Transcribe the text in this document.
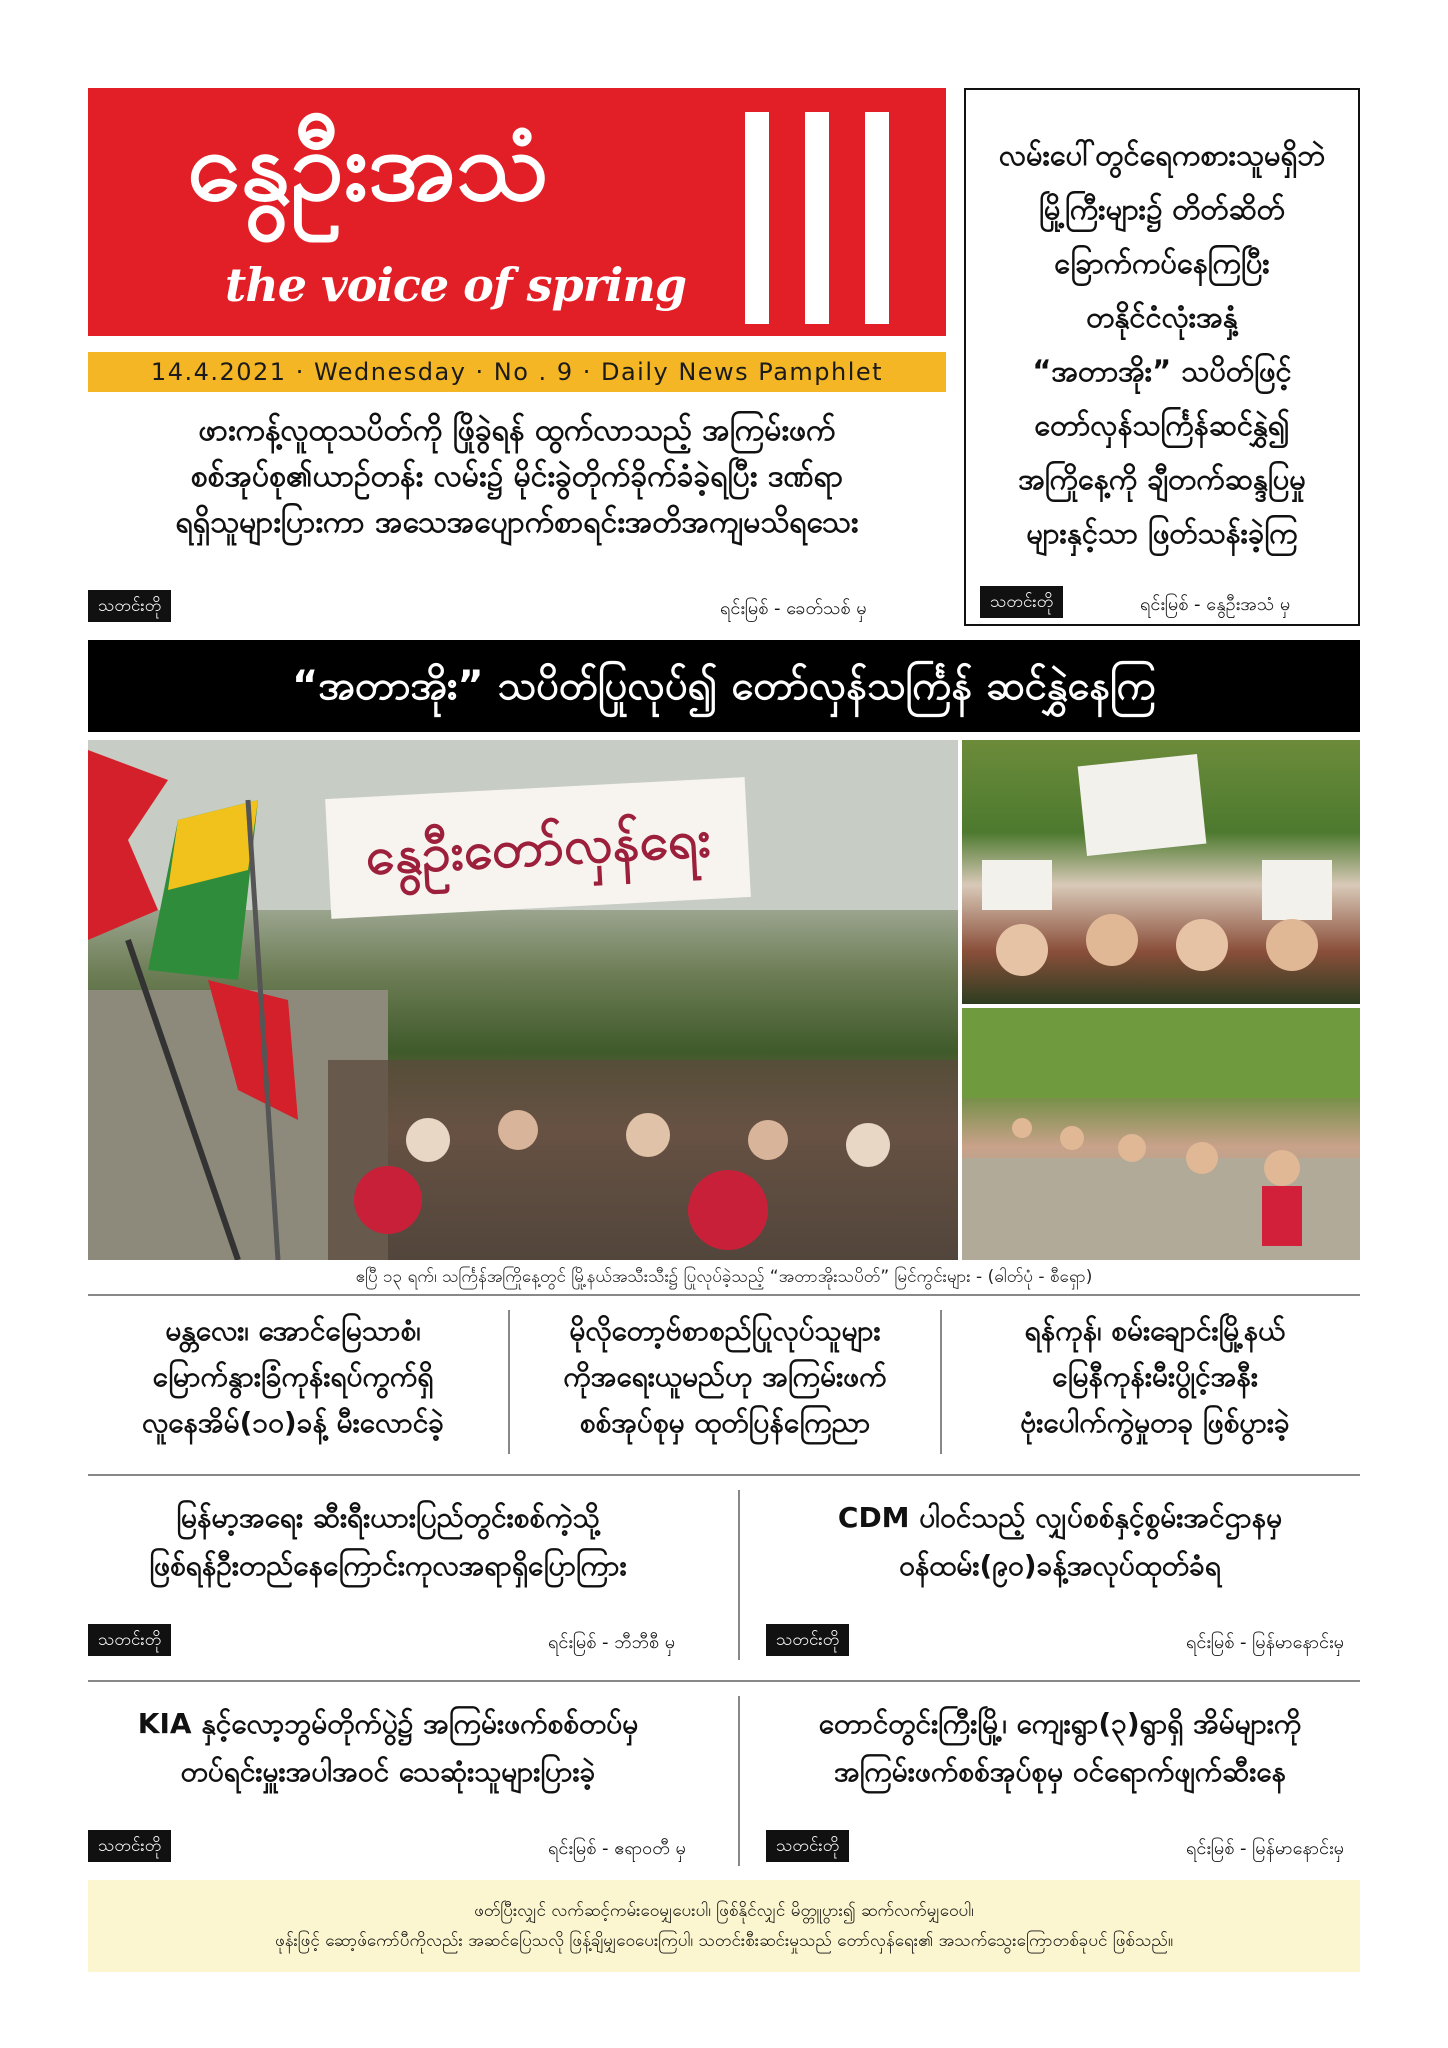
နွေဦးအသံ
the voice of spring
14.4.2021 · Wednesday · No . 9 · Daily News Pamphlet
ဖားကန့်လူထုသပိတ်ကို ဖြိုခွဲရန် ထွက်လာသည့် အကြမ်းဖက်
စစ်အုပ်စု၏ယာဉ်တန်း လမ်း၌ မိုင်းခွဲတိုက်ခိုက်ခံခဲ့ရပြီး ဒဏ်ရာ
ရရှိသူများပြားကာ အသေအပျောက်စာရင်းအတိအကျမသိရသေး
သတင်းတို	ရင်းမြစ် - ခေတ်သစ် မှ
လမ်းပေါ်တွင်ရေကစားသူမရှိဘဲ
မြို့ကြီးများ၌ တိတ်ဆိတ်
ခြောက်ကပ်နေကြပြီး
တနိုင်ငံလုံးအနှံ့
“အတာအိုး” သပိတ်ဖြင့်
တော်လှန်သင်္ကြန်ဆင်နွှဲ၍
အကြိုနေ့ကို ချီတက်ဆန္ဒပြမှု
များနှင့်သာ ဖြတ်သန်းခဲ့ကြ
သတင်းတို	ရင်းမြစ် - နွေဦးအသံ မှ
“အတာအိုး” သပိတ်ပြုလုပ်၍ တော်လှန်သင်္ကြန် ဆင်နွှဲနေကြ
နွေဦးတော်လှန်ရေး
ဧပြီ ၁၃ ရက်၊ သင်္ကြန်အကြိုနေ့တွင် မြို့နယ်အသီးသီး၌ ပြုလုပ်ခဲ့သည့် “အတာအိုးသပိတ်” မြင်ကွင်းများ - (ဓါတ်ပုံ - စီရှော)
မန္တလေး၊ အောင်မြေသာစံ၊
မြောက်နွားခြံကုန်းရပ်ကွက်ရှိ
လူနေအိမ်(၁၀)ခန့် မီးလောင်ခဲ့
မိုလိုတော့ဗ်စာစည်ပြုလုပ်သူများ
ကိုအရေးယူမည်ဟု အကြမ်းဖက်
စစ်အုပ်စုမှ ထုတ်ပြန်ကြေညာ
ရန်ကုန်၊ စမ်းချောင်းမြို့နယ်
မြေနီကုန်းမီးပွိုင့်အနီး
ဗုံးပေါက်ကွဲမှုတခု ဖြစ်ပွားခဲ့
မြန်မာ့အရေး ဆီးရီးယားပြည်တွင်းစစ်ကဲ့သို့
ဖြစ်ရန်ဦးတည်နေကြောင်းကုလအရာရှိပြောကြား
သတင်းတို	ရင်းမြစ် - ဘီဘီစီ မှ
CDM ပါဝင်သည့် လျှပ်စစ်နှင့်စွမ်းအင်ဌာနမှ
ဝန်ထမ်း(၉၀)ခန့်အလုပ်ထုတ်ခံရ
သတင်းတို	ရင်းမြစ် - မြန်မာနောင်းမှ
KIA နှင့်လော့ဘွမ်တိုက်ပွဲ၌ အကြမ်းဖက်စစ်တပ်မှ
တပ်ရင်းမှူးအပါအဝင် သေဆုံးသူများပြားခဲ့
သတင်းတို	ရင်းမြစ် - ဧရာဝတီ မှ
တောင်တွင်းကြီးမြို့၊ ကျေးရွာ(၃)ရွာရှိ အိမ်များကို
အကြမ်းဖက်စစ်အုပ်စုမှ ဝင်ရောက်ဖျက်ဆီးနေ
သတင်းတို	ရင်းမြစ် - မြန်မာနောင်းမှ
ဖတ်ပြီးလျှင် လက်ဆင့်ကမ်းဝေမျှပေးပါ၊ ဖြစ်နိုင်လျှင် မိတ္တူပွား၍ ဆက်လက်မျှဝေပါ၊
ဖုန်းဖြင့် ဆော့ဖ်ကော်ပီကိုလည်း အဆင်ပြေသလို ဖြန့်ချိမျှဝေပေးကြပါ၊ သတင်းစီးဆင်းမှုသည် တော်လှန်ရေး၏ အသက်သွေးကြောတစ်ခုပင် ဖြစ်သည်။
